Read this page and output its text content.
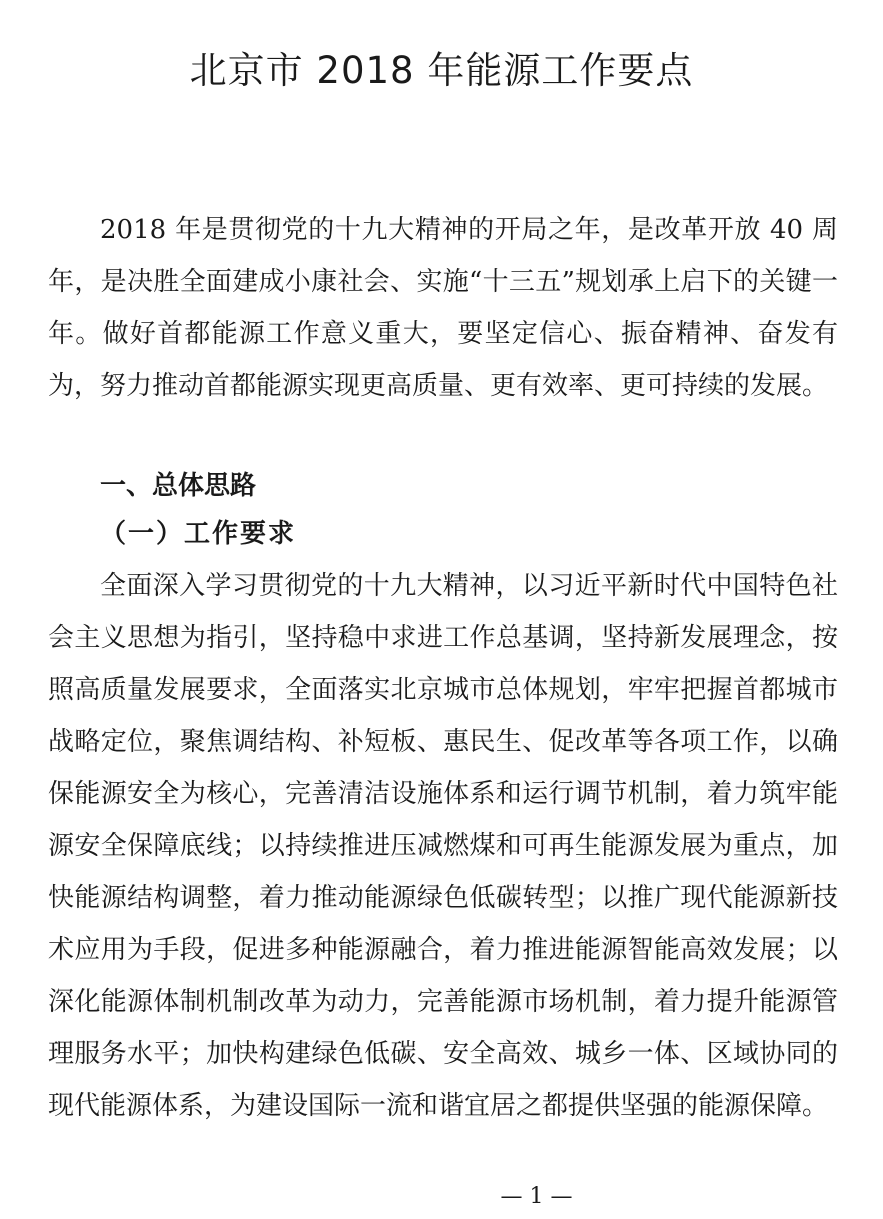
北京市 2018 年能源工作要点

2018 年是贯彻党的十九大精神的开局之年，是改革开放 40 周年，是决胜全面建成小康社会、实施“十三五”规划承上启下的关键一年。做好首都能源工作意义重大，要坚定信心、振奋精神、奋发有为，努力推动首都能源实现更高质量、更有效率、更可持续的发展。

一、总体思路
（一）工作要求

全面深入学习贯彻党的十九大精神，以习近平新时代中国特色社会主义思想为指引，坚持稳中求进工作总基调，坚持新发展理念，按照高质量发展要求，全面落实北京城市总体规划，牢牢把握首都城市战略定位，聚焦调结构、补短板、惠民生、促改革等各项工作，以确保能源安全为核心，完善清洁设施体系和运行调节机制，着力筑牢能源安全保障底线；以持续推进压减燃煤和可再生能源发展为重点，加快能源结构调整，着力推动能源绿色低碳转型；以推广现代能源新技术应用为手段，促进多种能源融合，着力推进能源智能高效发展；以深化能源体制机制改革为动力，完善能源市场机制，着力提升能源管理服务水平；加快构建绿色低碳、安全高效、城乡一体、区域协同的现代能源体系，为建设国际一流和谐宜居之都提供坚强的能源保障。

— 1 —
